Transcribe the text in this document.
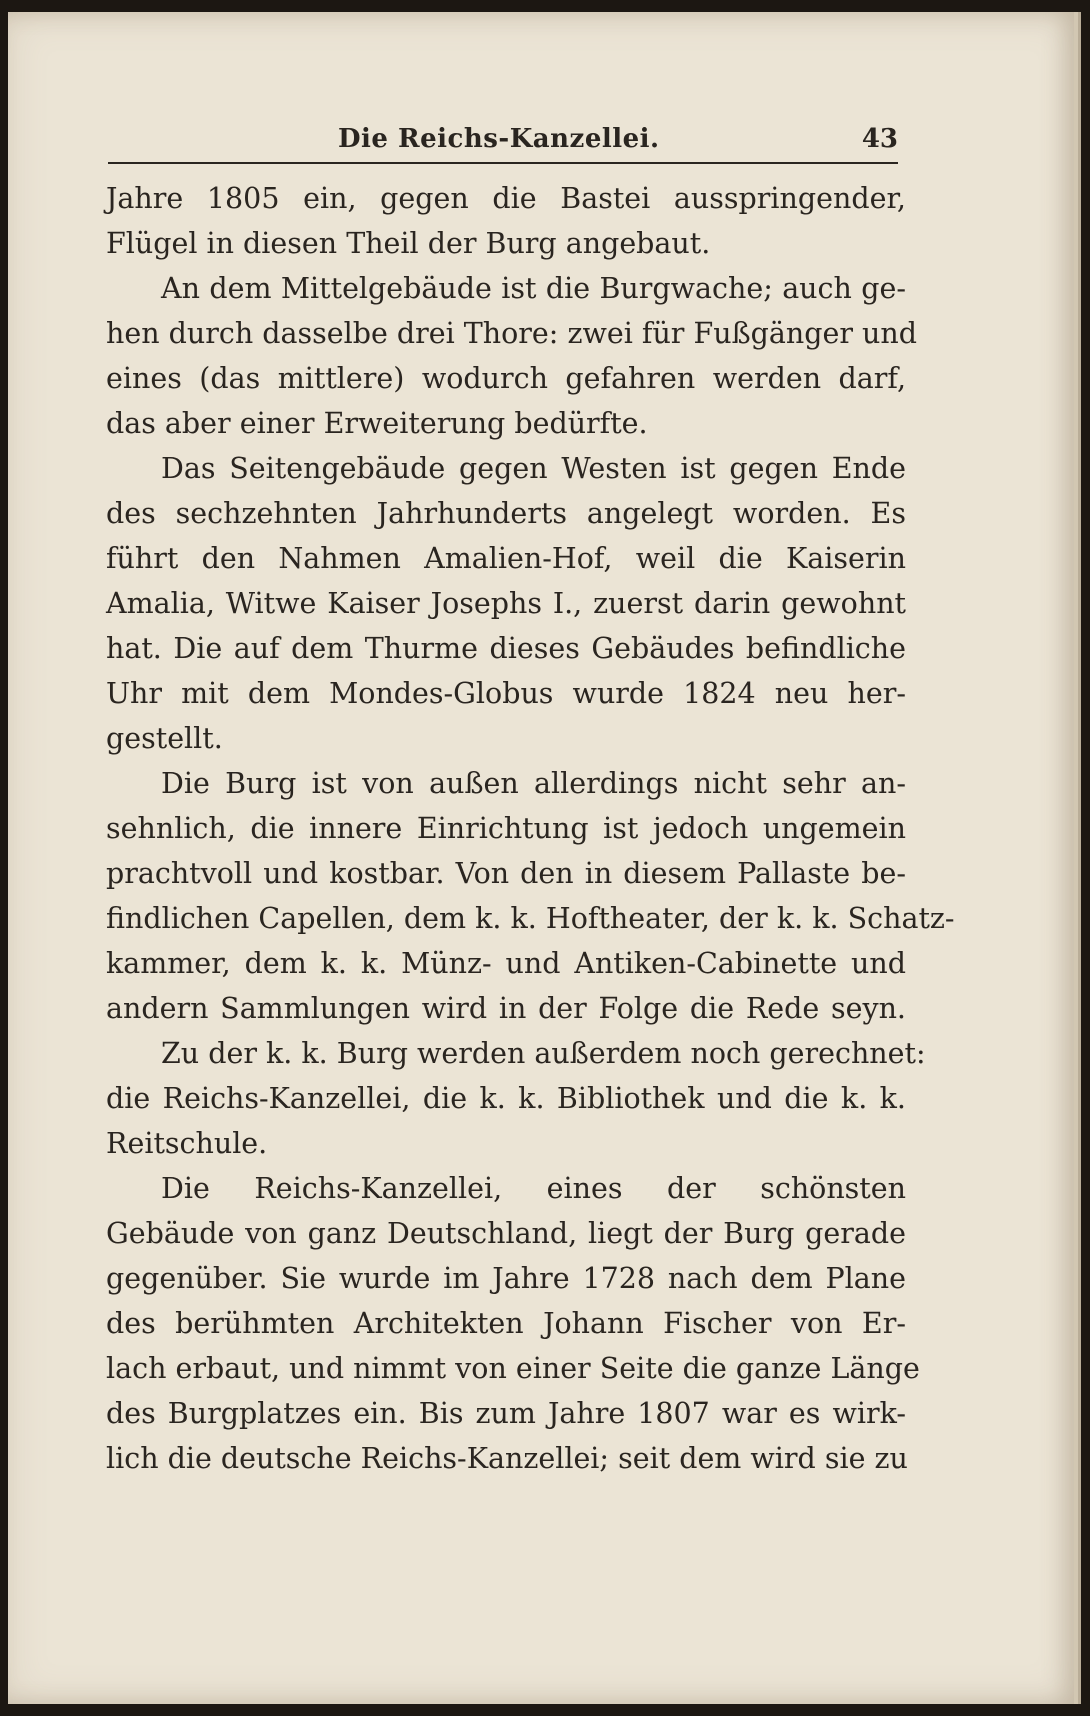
Die Reichs-Kanzellei.	43
Jahre 1805 ein, gegen die Bastei ausspringender,
Flügel in diesen Theil der Burg angebaut.
An dem Mittelgebäude ist die Burgwache; auch ge-
hen durch dasselbe drei Thore: zwei für Fußgänger und
eines (das mittlere) wodurch gefahren werden darf,
das aber einer Erweiterung bedürfte.
Das Seitengebäude gegen Westen ist gegen Ende
des sechzehnten Jahrhunderts angelegt worden. Es
führt den Nahmen Amalien-Hof, weil die Kaiserin
Amalia, Witwe Kaiser Josephs I., zuerst darin gewohnt
hat. Die auf dem Thurme dieses Gebäudes befindliche
Uhr mit dem Mondes-Globus wurde 1824 neu her-
gestellt.
Die Burg ist von außen allerdings nicht sehr an-
sehnlich, die innere Einrichtung ist jedoch ungemein
prachtvoll und kostbar. Von den in diesem Pallaste be-
findlichen Capellen, dem k. k. Hoftheater, der k. k. Schatz-
kammer, dem k. k. Münz- und Antiken-Cabinette und
andern Sammlungen wird in der Folge die Rede seyn.
Zu der k. k. Burg werden außerdem noch gerechnet:
die Reichs-Kanzellei, die k. k. Bibliothek und die k. k.
Reitschule.
Die Reichs-Kanzellei, eines der schönsten
Gebäude von ganz Deutschland, liegt der Burg gerade
gegenüber. Sie wurde im Jahre 1728 nach dem Plane
des berühmten Architekten Johann Fischer von Er-
lach erbaut, und nimmt von einer Seite die ganze Länge
des Burgplatzes ein. Bis zum Jahre 1807 war es wirk-
lich die deutsche Reichs-Kanzellei; seit dem wird sie zu
